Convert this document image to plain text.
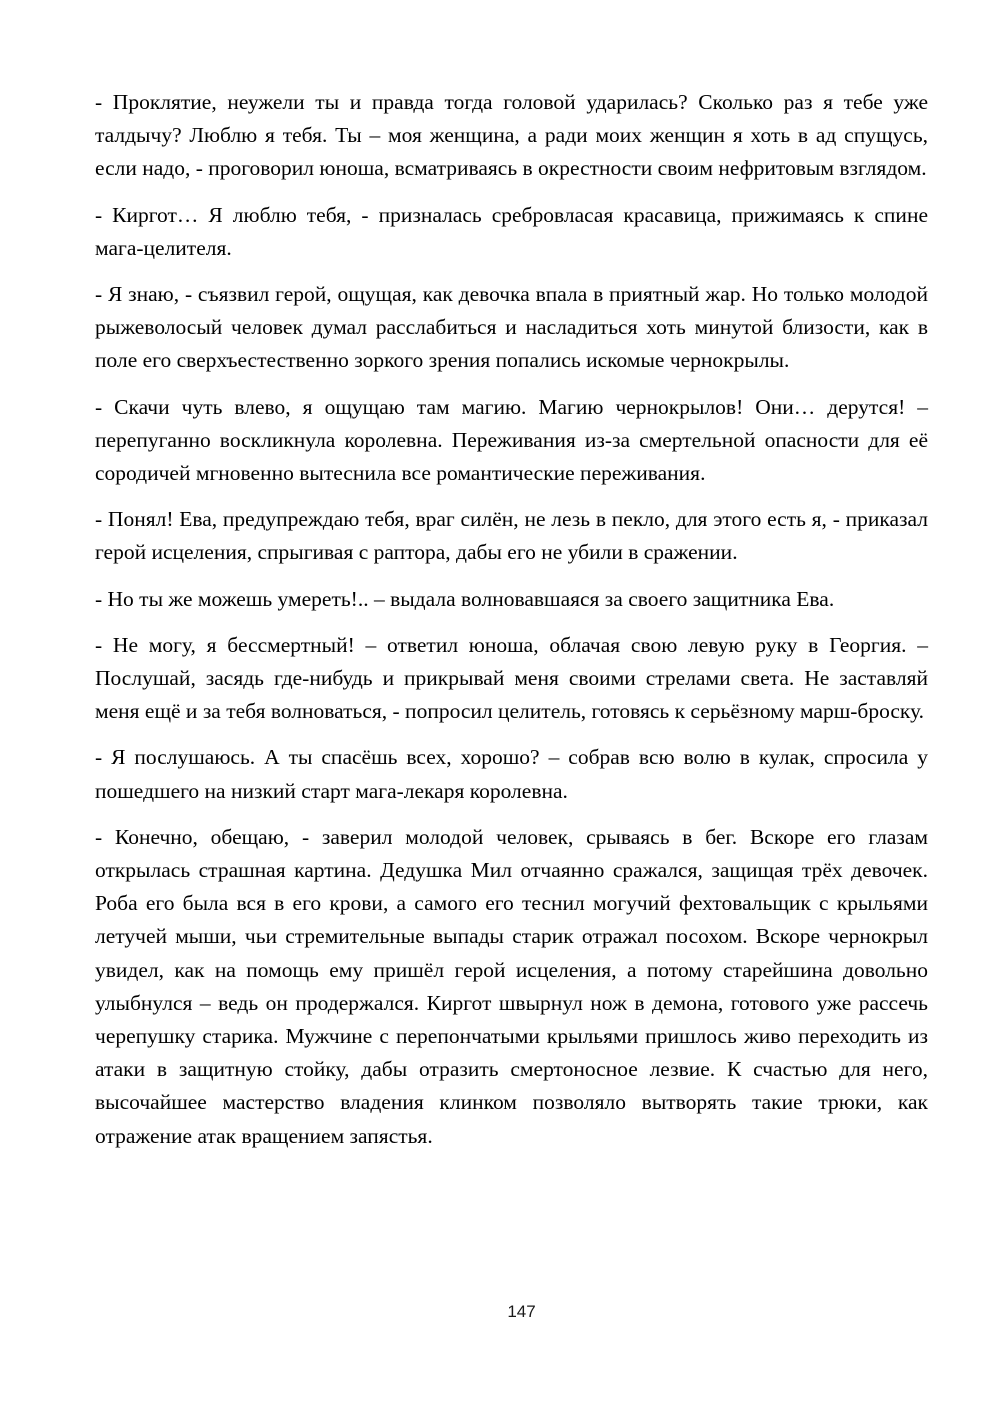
- Проклятие, неужели ты и правда тогда головой ударилась? Сколько раз я тебе уже талдычу? Люблю я тебя. Ты – моя женщина, а ради моих женщин я хоть в ад спущусь, если надо, - проговорил юноша, всматриваясь в окрестности своим нефритовым взглядом.

- Киргот… Я люблю тебя, - призналась сребровласая красавица, прижимаясь к спине мага-целителя.

- Я знаю, - съязвил герой, ощущая, как девочка впала в приятный жар. Но только молодой рыжеволосый человек думал расслабиться и насладиться хоть минутой близости, как в поле его сверхъестественно зоркого зрения попались искомые чернокрылы.

- Скачи чуть влево, я ощущаю там магию. Магию чернокрылов! Они… дерутся! – перепуганно воскликнула королевна. Переживания из-за смертельной опасности для её сородичей мгновенно вытеснила все романтические переживания.

- Понял! Ева, предупреждаю тебя, враг силён, не лезь в пекло, для этого есть я, - приказал герой исцеления, спрыгивая с раптора, дабы его не убили в сражении.

- Но ты же можешь умереть!.. – выдала волновавшаяся за своего защитника Ева.

- Не могу, я бессмертный! – ответил юноша, облачая свою левую руку в Георгия. – Послушай, засядь где-нибудь и прикрывай меня своими стрелами света. Не заставляй меня ещё и за тебя волноваться, - попросил целитель, готовясь к серьёзному марш-броску.

- Я послушаюсь. А ты спасёшь всех, хорошо? – собрав всю волю в кулак, спросила у пошедшего на низкий старт мага-лекаря королевна.

- Конечно, обещаю, - заверил молодой человек, срываясь в бег. Вскоре его глазам открылась страшная картина. Дедушка Мил отчаянно сражался, защищая трёх девочек. Роба его была вся в его крови, а самого его теснил могучий фехтовальщик с крыльями летучей мыши, чьи стремительные выпады старик отражал посохом. Вскоре чернокрыл увидел, как на помощь ему пришёл герой исцеления, а потому старейшина довольно улыбнулся – ведь он продержался. Киргот швырнул нож в демона, готового уже рассечь черепушку старика. Мужчине с перепончатыми крыльями пришлось живо переходить из атаки в защитную стойку, дабы отразить смертоносное лезвие. К счастью для него, высочайшее мастерство владения клинком позволяло вытворять такие трюки, как отражение атак вращением запястья.

147
